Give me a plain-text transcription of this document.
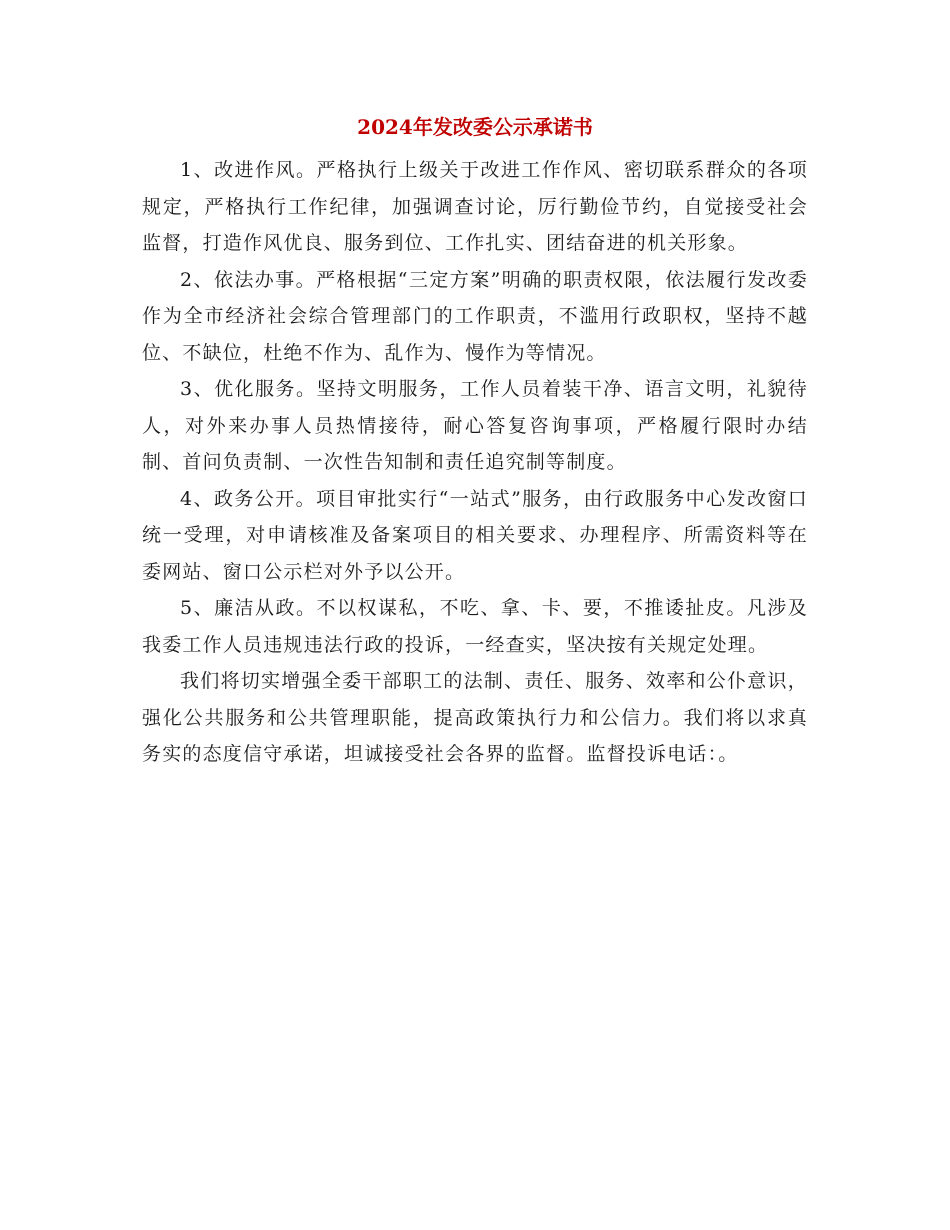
2024年发改委公示承诺书

1、改进作风。严格执行上级关于改进工作作风、密切联系群众的各项规定，严格执行工作纪律，加强调查讨论，厉行勤俭节约，自觉接受社会监督，打造作风优良、服务到位、工作扎实、团结奋进的机关形象。

2、依法办事。严格根据“三定方案”明确的职责权限，依法履行发改委作为全市经济社会综合管理部门的工作职责，不滥用行政职权，坚持不越位、不缺位，杜绝不作为、乱作为、慢作为等情况。

3、优化服务。坚持文明服务，工作人员着装干净、语言文明，礼貌待人，对外来办事人员热情接待，耐心答复咨询事项，严格履行限时办结制、首问负责制、一次性告知制和责任追究制等制度。

4、政务公开。项目审批实行“一站式”服务，由行政服务中心发改窗口统一受理，对申请核准及备案项目的相关要求、办理程序、所需资料等在委网站、窗口公示栏对外予以公开。

5、廉洁从政。不以权谋私，不吃、拿、卡、要，不推诿扯皮。凡涉及我委工作人员违规违法行政的投诉，一经查实，坚决按有关规定处理。

我们将切实增强全委干部职工的法制、责任、服务、效率和公仆意识，强化公共服务和公共管理职能，提高政策执行力和公信力。我们将以求真务实的态度信守承诺，坦诚接受社会各界的监督。监督投诉电话：。
